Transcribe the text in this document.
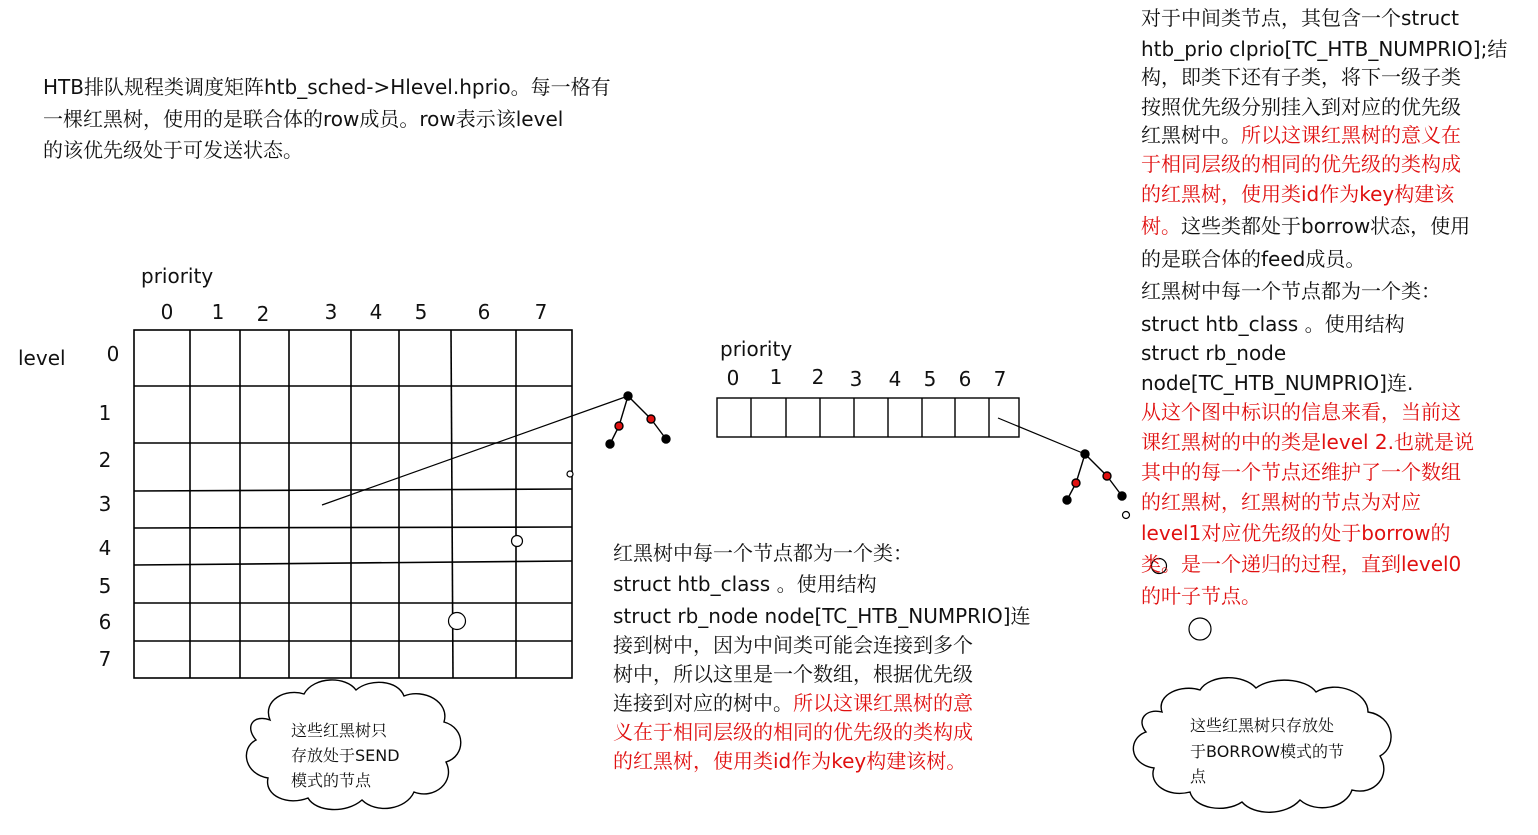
HTB排队规程类调度矩阵htb_sched->Hlevel.hprio。每一格有
一棵红黑树，使用的是联合体的row成员。row表示该level
的该优先级处于可发送状态。
priority
level
0	1	2	3	4	5	6	7
0
1
2
3
4
5
6
7
priority
0	1	2	3	4	5	6	7
这些红黑树只
存放处于SEND
模式的节点
这些红黑树只存放处
于BORROW模式的节
点
红黑树中每一个节点都为一个类：
struct htb_class 。使用结构
struct rb_node node[TC_HTB_NUMPRIO]连
接到树中，因为中间类可能会连接到多个
树中，所以这里是一个数组，根据优先级
连接到对应的树中。所以这课红黑树的意
义在于相同层级的相同的优先级的类构成
的红黑树，使用类id作为key构建该树。
对于中间类节点，其包含一个struct
htb_prio clprio[TC_HTB_NUMPRIO];结
构，即类下还有子类，将下一级子类
按照优先级分别挂入到对应的优先级
红黑树中。所以这课红黑树的意义在
于相同层级的相同的优先级的类构成
的红黑树，使用类id作为key构建该
树。这些类都处于borrow状态，使用
的是联合体的feed成员。
红黑树中每一个节点都为一个类：
struct htb_class 。使用结构
struct rb_node
node[TC_HTB_NUMPRIO]连.
从这个图中标识的信息来看，当前这
课红黑树的中的类是level 2.也就是说
其中的每一个节点还维护了一个数组
的红黑树，红黑树的节点为对应
level1对应优先级的处于borrow的
类。是一个递归的过程，直到level0
的叶子节点。
